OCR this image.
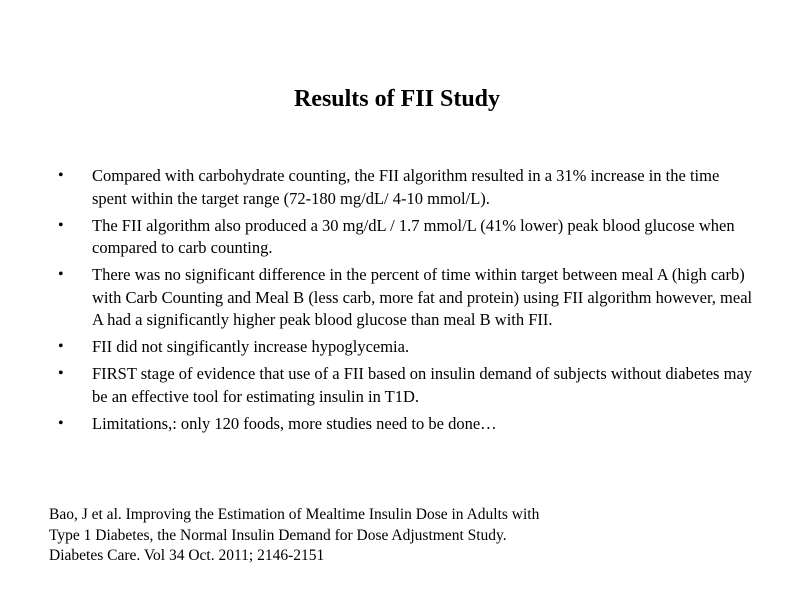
Results of FII Study
• Compared with carbohydrate counting, the FII algorithm resulted in a 31% increase in the time spent within the target range (72-180 mg/dL/ 4-10 mmol/L).
• The FII algorithm also produced a 30 mg/dL / 1.7 mmol/L (41% lower) peak blood glucose when compared to carb counting.
• There was no significant difference in the percent of time within target between meal A (high carb) with Carb Counting and Meal B (less carb, more fat and protein) using FII algorithm however, meal A had a significantly higher peak blood glucose than meal B with FII.
• FII did not singificantly increase hypoglycemia.
• FIRST stage of evidence that use of a FII based on insulin demand of subjects without diabetes may be an effective tool for estimating insulin in T1D.
• Limitations,: only 120 foods, more studies need to be done…
Bao, J et al. Improving the Estimation of Mealtime Insulin Dose in Adults with
Type 1 Diabetes, the Normal Insulin Demand for Dose Adjustment Study.
Diabetes Care. Vol 34 Oct. 2011; 2146-2151
